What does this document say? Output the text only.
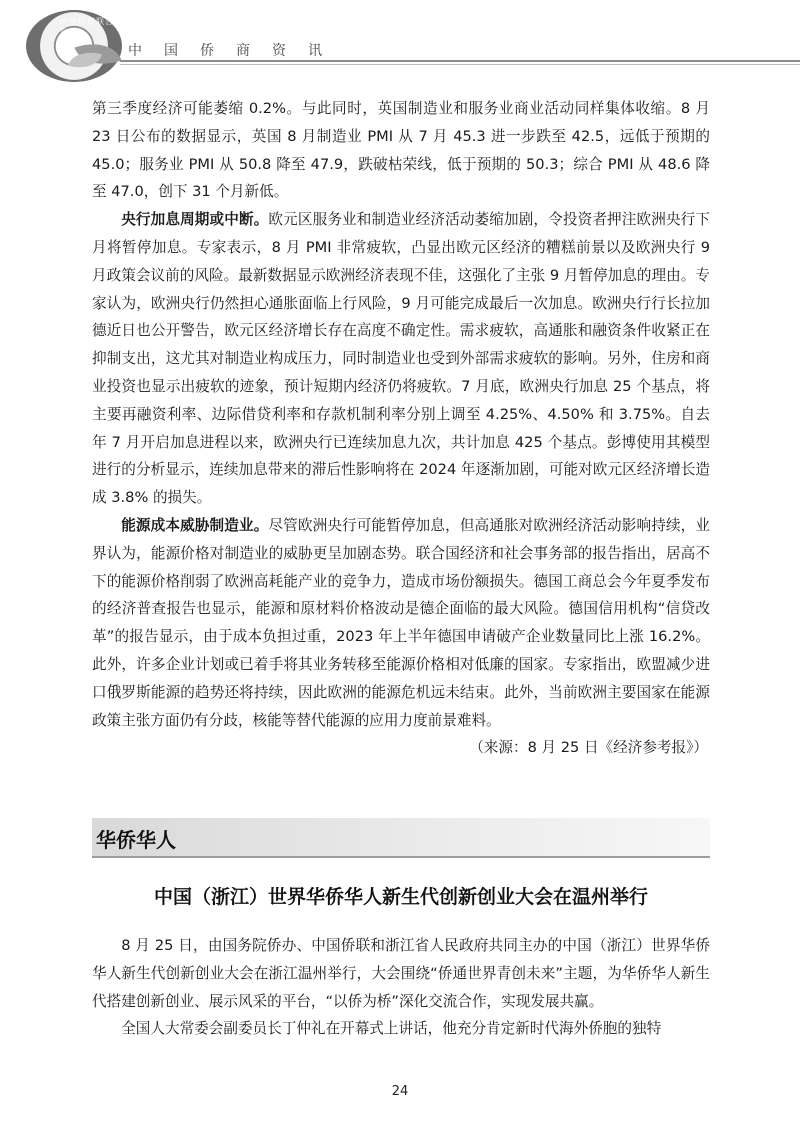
中国侨商联合会
中国侨商资讯

第三季度经济可能萎缩 0.2%。与此同时，英国制造业和服务业商业活动同样集体收缩。8 月 23 日公布的数据显示，英国 8 月制造业 PMI 从 7 月 45.3 进一步跌至 42.5，远低于预期的 45.0；服务业 PMI 从 50.8 降至 47.9，跌破枯荣线，低于预期的 50.3；综合 PMI 从 48.6 降至 47.0，创下 31 个月新低。

央行加息周期或中断。欧元区服务业和制造业经济活动萎缩加剧，令投资者押注欧洲央行下月将暂停加息。专家表示，8 月 PMI 非常疲软，凸显出欧元区经济的糟糕前景以及欧洲央行 9 月政策会议前的风险。最新数据显示欧洲经济表现不佳，这强化了主张 9 月暂停加息的理由。专家认为，欧洲央行仍然担心通胀面临上行风险，9 月可能完成最后一次加息。欧洲央行行长拉加德近日也公开警告，欧元区经济增长存在高度不确定性。需求疲软，高通胀和融资条件收紧正在抑制支出，这尤其对制造业构成压力，同时制造业也受到外部需求疲软的影响。另外，住房和商业投资也显示出疲软的迹象，预计短期内经济仍将疲软。7 月底，欧洲央行加息 25 个基点，将主要再融资利率、边际借贷利率和存款机制利率分别上调至 4.25%、4.50% 和 3.75%。自去年 7 月开启加息进程以来，欧洲央行已连续加息九次，共计加息 425 个基点。彭博使用其模型进行的分析显示，连续加息带来的滞后性影响将在 2024 年逐渐加剧，可能对欧元区经济增长造成 3.8% 的损失。

能源成本威胁制造业。尽管欧洲央行可能暂停加息，但高通胀对欧洲经济活动影响持续，业界认为，能源价格对制造业的威胁更呈加剧态势。联合国经济和社会事务部的报告指出，居高不下的能源价格削弱了欧洲高耗能产业的竞争力，造成市场份额损失。德国工商总会今年夏季发布的经济普查报告也显示，能源和原材料价格波动是德企面临的最大风险。德国信用机构“信贷改革”的报告显示，由于成本负担过重，2023 年上半年德国申请破产企业数量同比上涨 16.2%。此外，许多企业计划或已着手将其业务转移至能源价格相对低廉的国家。专家指出，欧盟减少进口俄罗斯能源的趋势还将持续，因此欧洲的能源危机远未结束。此外，当前欧洲主要国家在能源政策主张方面仍有分歧，核能等替代能源的应用力度前景难料。

（来源：8 月 25 日《经济参考报》）

华侨华人
中国（浙江）世界华侨华人新生代创新创业大会在温州举行

8 月 25 日，由国务院侨办、中国侨联和浙江省人民政府共同主办的中国（浙江）世界华侨华人新生代创新创业大会在浙江温州举行，大会围绕“侨通世界青创未来”主题，为华侨华人新生代搭建创新创业、展示风采的平台，“以侨为桥”深化交流合作，实现发展共赢。

全国人大常委会副委员长丁仲礼在开幕式上讲话，他充分肯定新时代海外侨胞的独特

24
